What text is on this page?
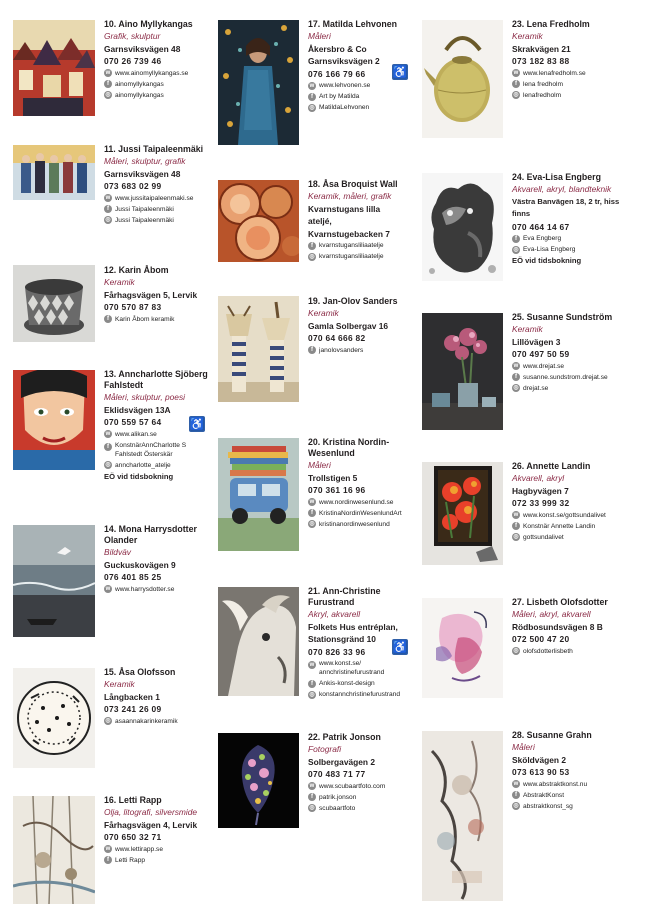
10. Aino Myllykangas
Grafik, skulptur
Garnsviksvägen 48
070 26 739 46
w www.ainomyllykangas.se
f ainomyllykangas
◎ ainomyllykangas
11. Jussi Taipaleenmäki
Måleri, skulptur, grafik
Garnsviksvägen 48
073 683 02 99
w www.jussitaipaleenmaki.se
f Jussi Taipaleenmäki
◎ Jussi Taipaleenmäki
12. Karin Åbom
Keramik
Fårhagsvägen 5, Lervik
070 570 87 83
f Karin Åbom keramik
13. Anncharlotte Sjöberg Fahlstedt
Måleri, skulptur, poesi
Eklidsvägen 13A
070 559 57 64
w www.alikan.se
f KonstnärAnnCharlotte S Fahlstedt Österskär
◎ anncharlotte_atelje
EÖ vid tidsbokning
♿
14. Mona Harrysdotter Olander
Bildväv
Guckuskovägen 9
076 401 85 25
w www.harrysdotter.se
15. Åsa Olofsson
Keramik
Långbacken 1
073 241 26 09
◎ asaannakarinkeramik
16. Letti Rapp
Olja, litografi, silversmide
Fårhagsvägen 4, Lervik
070 650 32 71
w www.lettirapp.se
f Letti Rapp
17. Matilda Lehvonen
Måleri
Åkersbro & Co Garnsviksvägen 2
076 166 79 66
w www.lehvonen.se
f Art by Matilda
◎ MatildaLehvonen
♿
18. Åsa Broquist Wall
Keramik, måleri, grafik
Kvarnstugans lilla ateljé, Kvarnstugebacken 7
f kvarnstugansliliaatelje
◎ kvarnstugansliliaatelje
19. Jan-Olov Sanders
Keramik
Gamla Solbergav 16
070 64 666 82
f janolovsanders
20. Kristina Nordin-Wesenlund
Måleri
Trollstigen 5
070 361 16 96
w www.nordinwesenlund.se
f KristinaNordinWesenlundArt
◎ kristinanordinwesenlund
21. Ann-Christine Furustrand
Akryl, akvarell
Folkets Hus entréplan, Stationsgränd 10
070 826 33 96
w www.konst.se/ annchristinefurustrand
f Ankis-konst-design
◎ konstannchristinefurustrand
♿
22. Patrik Jonson
Fotografi
Solbergavägen 2
070 483 71 77
w www.scubaartfoto.com
f patrik.jonson
◎ scubaartfoto
23. Lena Fredholm
Keramik
Skrakvägen 21
073 182 83 88
w www.lenafredholm.se
f lena fredholm
◎ lenafredholm
24. Eva-Lisa Engberg
Akvarell, akryl, blandteknik
Västra Banvägen 18, 2 tr, hiss finns
070 464 14 67
f Eva Engberg
◎ Eva-Lisa Engberg
EÖ vid tidsbokning
25. Susanne Sundström
Keramik
Lillövägen 3
070 497 50 59
w www.drejat.se
f susanne.sundstrom.drejat.se
◎ drejat.se
26. Annette Landin
Akvarell, akryl
Hagbyvägen 7
072 33 999 32
w www.konst.se/gottsundalivet
f Konstnär Annette Landin
◎ gottsundalivet
27. Lisbeth Olofsdotter
Måleri, akryl, akvarell
Rödbosundsvägen 8 B
072 500 47 20
◎ olofsdotterlisbeth
28. Susanne Grahn
Måleri
Sköldvägen 2
073 613 90 53
w www.abstraktkonst.nu
f AbstraktKonst
◎ abstraktkonst_sg
